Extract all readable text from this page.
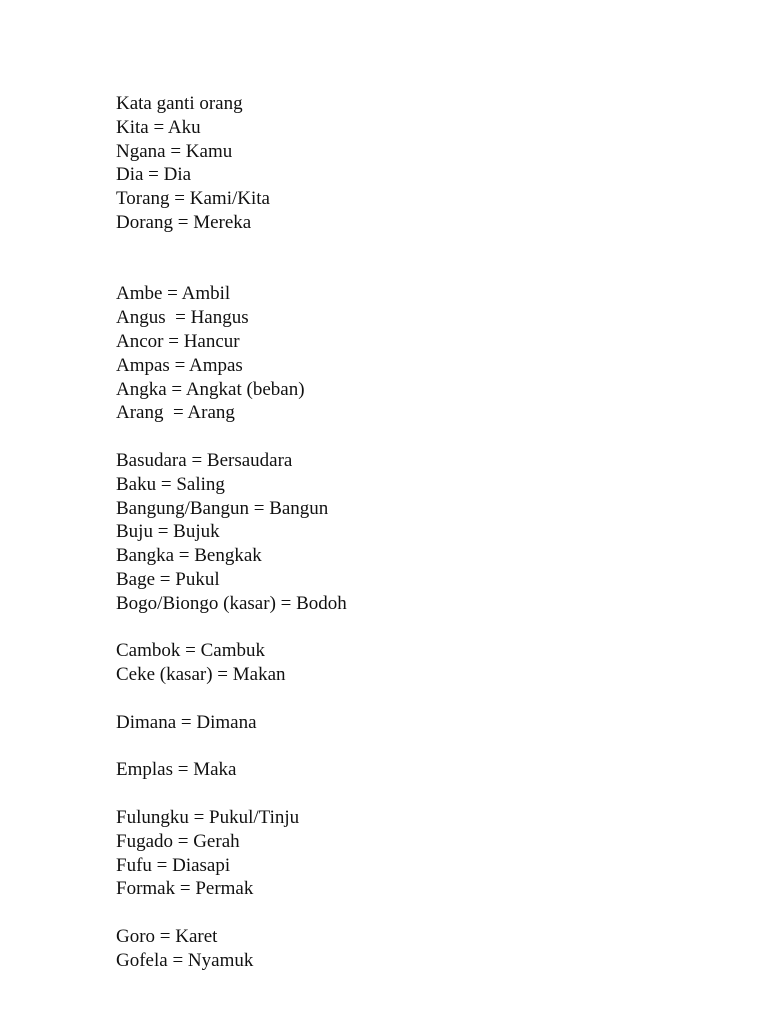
Kata ganti orang
Kita = Aku
Ngana = Kamu
Dia = Dia
Torang = Kami/Kita
Dorang = Mereka
Ambe = Ambil
Angus  = Hangus
Ancor = Hancur
Ampas = Ampas
Angka = Angkat (beban)
Arang  = Arang
Basudara = Bersaudara
Baku = Saling
Bangung/Bangun = Bangun
Buju = Bujuk
Bangka = Bengkak
Bage = Pukul
Bogo/Biongo (kasar) = Bodoh
Cambok = Cambuk
Ceke (kasar) = Makan
Dimana = Dimana
Emplas = Maka
Fulungku = Pukul/Tinju
Fugado = Gerah
Fufu = Diasapi
Formak = Permak
Goro = Karet
Gofela = Nyamuk
